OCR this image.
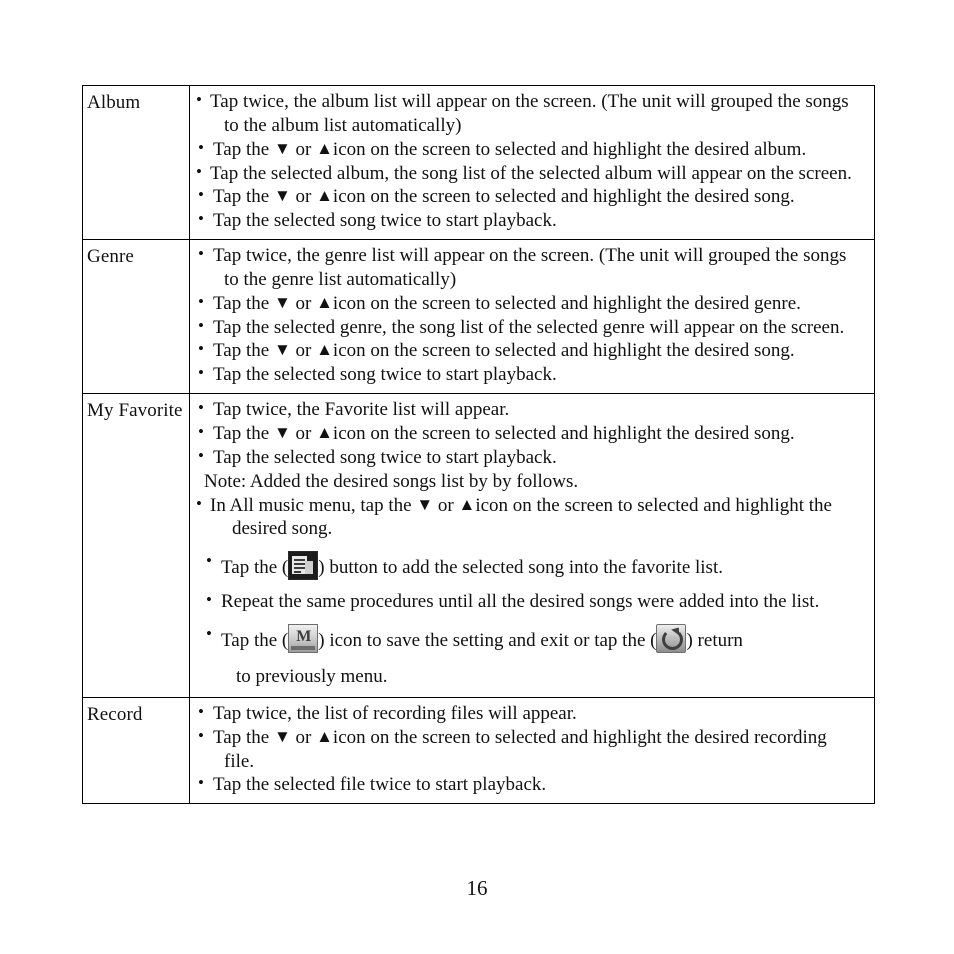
Album	• Tap twice, the album list will appear on the screen. (The unit will grouped the songs
to the album list automatically)
• Tap the ▼ or ▲icon on the screen to selected and highlight the desired album.
• Tap the selected album, the song list of the selected album will appear on the screen.
• Tap the ▼ or ▲icon on the screen to selected and highlight the desired song.
• Tap the selected song twice to start playback.

Genre	• Tap twice, the genre list will appear on the screen. (The unit will grouped the songs
to the genre list automatically)
• Tap the ▼ or ▲icon on the screen to selected and highlight the desired genre.
• Tap the selected genre, the song list of the selected genre will appear on the screen.
• Tap the ▼ or ▲icon on the screen to selected and highlight the desired song.
• Tap the selected song twice to start playback.

My Favorite	• Tap twice, the Favorite list will appear.
• Tap the ▼ or ▲icon on the screen to selected and highlight the desired song.
• Tap the selected song twice to start playback.
Note: Added the desired songs list by by follows.
• In All music menu, tap the ▼ or ▲icon on the screen to selected and highlight the
desired song.
• Tap the ( ) button to add the selected song into the favorite list.
• Repeat the same procedures until all the desired songs were added into the list.
• Tap the ( M ) icon to save the setting and exit or tap the ( ) return
to previously menu.

Record	• Tap twice, the list of recording files will appear.
• Tap the ▼ or ▲icon on the screen to selected and highlight the desired recording
file.
• Tap the selected file twice to start playback.
16
